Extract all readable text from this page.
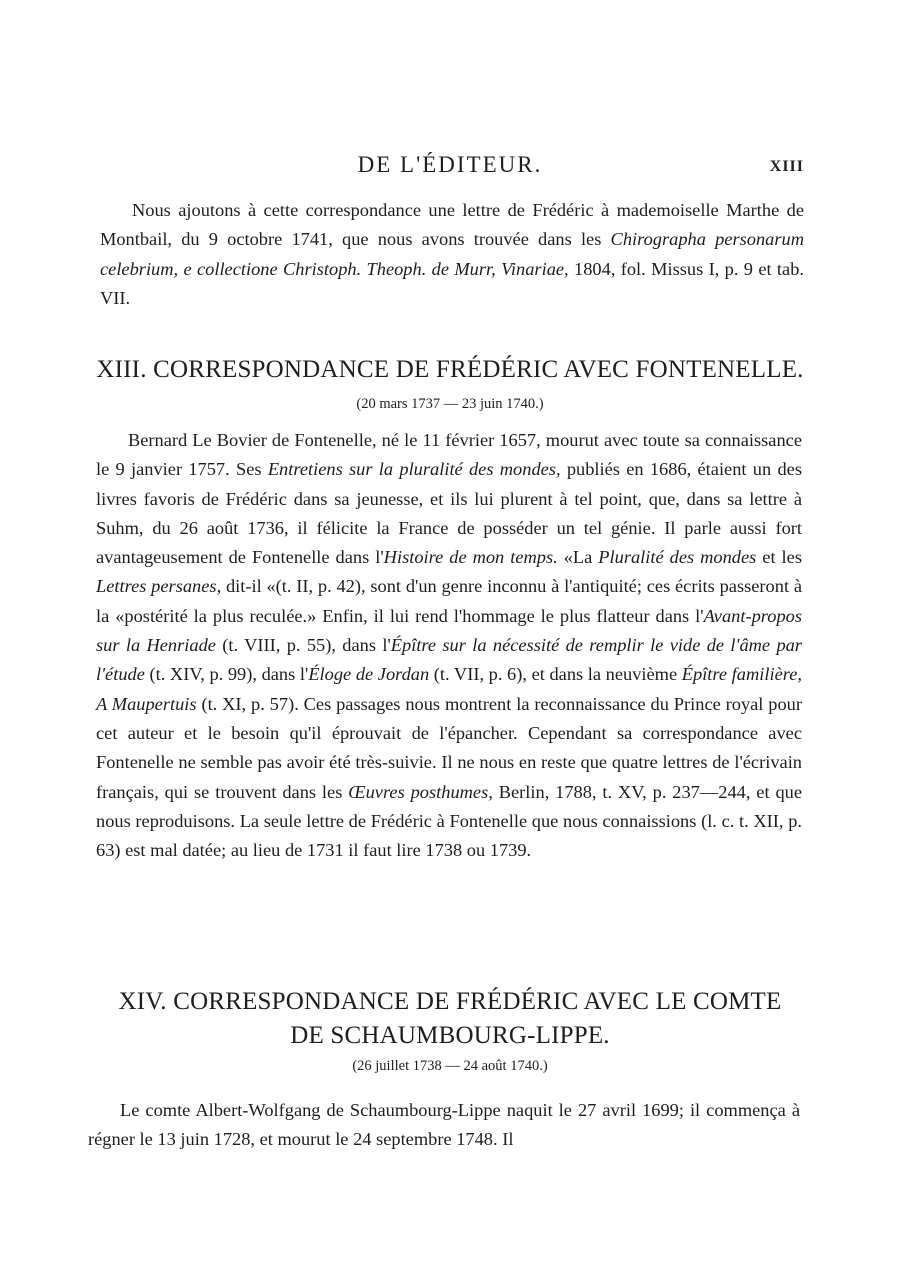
DE L'ÉDITEUR.	XIII

Nous ajoutons à cette correspondance une lettre de Frédéric à mademoiselle Marthe de Montbail, du 9 octobre 1741, que nous avons trouvée dans les Chirographa personarum celebrium, e collectione Christoph. Theoph. de Murr, Vinariae, 1804, fol. Missus I, p. 9 et tab. VII.

XIII. CORRESPONDANCE DE FRÉDÉRIC AVEC FONTENELLE.
(20 mars 1737 — 23 juin 1740.)

Bernard Le Bovier de Fontenelle, né le 11 février 1657, mourut avec toute sa connaissance le 9 janvier 1757. Ses Entretiens sur la pluralité des mondes, publiés en 1686, étaient un des livres favoris de Frédéric dans sa jeunesse, et ils lui plurent à tel point, que, dans sa lettre à Suhm, du 26 août 1736, il félicite la France de posséder un tel génie. Il parle aussi fort avantageusement de Fontenelle dans l'Histoire de mon temps. «La Pluralité des mondes et les Lettres persanes, dit-il «(t. II, p. 42), sont d'un genre inconnu à l'antiquité; ces écrits passeront à la «postérité la plus reculée.» Enfin, il lui rend l'hommage le plus flatteur dans l'Avant-propos sur la Henriade (t. VIII, p. 55), dans l'Épître sur la nécessité de remplir le vide de l'âme par l'étude (t. XIV, p. 99), dans l'Éloge de Jordan (t. VII, p. 6), et dans la neuvième Épître familière, A Maupertuis (t. XI, p. 57). Ces passages nous montrent la reconnaissance du Prince royal pour cet auteur et le besoin qu'il éprouvait de l'épancher. Cependant sa correspondance avec Fontenelle ne semble pas avoir été très-suivie. Il ne nous en reste que quatre lettres de l'écrivain français, qui se trouvent dans les Œuvres posthumes, Berlin, 1788, t. XV, p. 237—244, et que nous reproduisons. La seule lettre de Frédéric à Fontenelle que nous connaissions (l. c. t. XII, p. 63) est mal datée; au lieu de 1731 il faut lire 1738 ou 1739.

XIV. CORRESPONDANCE DE FRÉDÉRIC AVEC LE COMTE
DE SCHAUMBOURG-LIPPE.
(26 juillet 1738 — 24 août 1740.)

Le comte Albert-Wolfgang de Schaumbourg-Lippe naquit le 27 avril 1699; il commença à régner le 13 juin 1728, et mourut le 24 septembre 1748. Il
